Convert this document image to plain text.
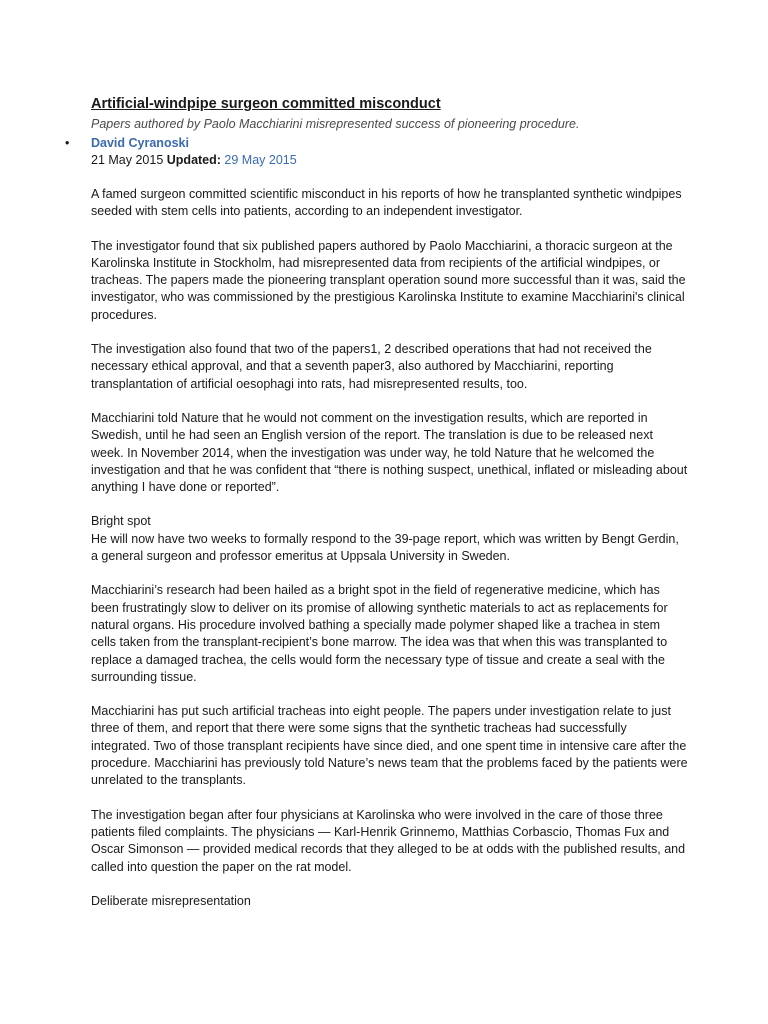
Artificial-windpipe surgeon committed misconduct
Papers authored by Paolo Macchiarini misrepresented success of pioneering procedure.
• David Cyranoski

21 May 2015 Updated: 29 May 2015

A famed surgeon committed scientific misconduct in his reports of how he transplanted synthetic windpipes seeded with stem cells into patients, according to an independent investigator.

The investigator found that six published papers authored by Paolo Macchiarini, a thoracic surgeon at the Karolinska Institute in Stockholm, had misrepresented data from recipients of the artificial windpipes, or tracheas. The papers made the pioneering transplant operation sound more successful than it was, said the investigator, who was commissioned by the prestigious Karolinska Institute to examine Macchiarini's clinical procedures.

The investigation also found that two of the papers1, 2 described operations that had not received the necessary ethical approval, and that a seventh paper3, also authored by Macchiarini, reporting transplantation of artificial oesophagi into rats, had misrepresented results, too.

Macchiarini told Nature that he would not comment on the investigation results, which are reported in Swedish, until he had seen an English version of the report. The translation is due to be released next week. In November 2014, when the investigation was under way, he told Nature that he welcomed the investigation and that he was confident that “there is nothing suspect, unethical, inflated or misleading about anything I have done or reported”.

Bright spot

He will now have two weeks to formally respond to the 39-page report, which was written by Bengt Gerdin, a general surgeon and professor emeritus at Uppsala University in Sweden.

Macchiarini’s research had been hailed as a bright spot in the field of regenerative medicine, which has been frustratingly slow to deliver on its promise of allowing synthetic materials to act as replacements for natural organs. His procedure involved bathing a specially made polymer shaped like a trachea in stem cells taken from the transplant-recipient’s bone marrow. The idea was that when this was transplanted to replace a damaged trachea, the cells would form the necessary type of tissue and create a seal with the surrounding tissue.

Macchiarini has put such artificial tracheas into eight people. The papers under investigation relate to just three of them, and report that there were some signs that the synthetic tracheas had successfully integrated. Two of those transplant recipients have since died, and one spent time in intensive care after the procedure. Macchiarini has previously told Nature’s news team that the problems faced by the patients were unrelated to the transplants.

The investigation began after four physicians at Karolinska who were involved in the care of those three patients filed complaints. The physicians — Karl-Henrik Grinnemo, Matthias Corbascio, Thomas Fux and Oscar Simonson — provided medical records that they alleged to be at odds with the published results, and called into question the paper on the rat model.

Deliberate misrepresentation
